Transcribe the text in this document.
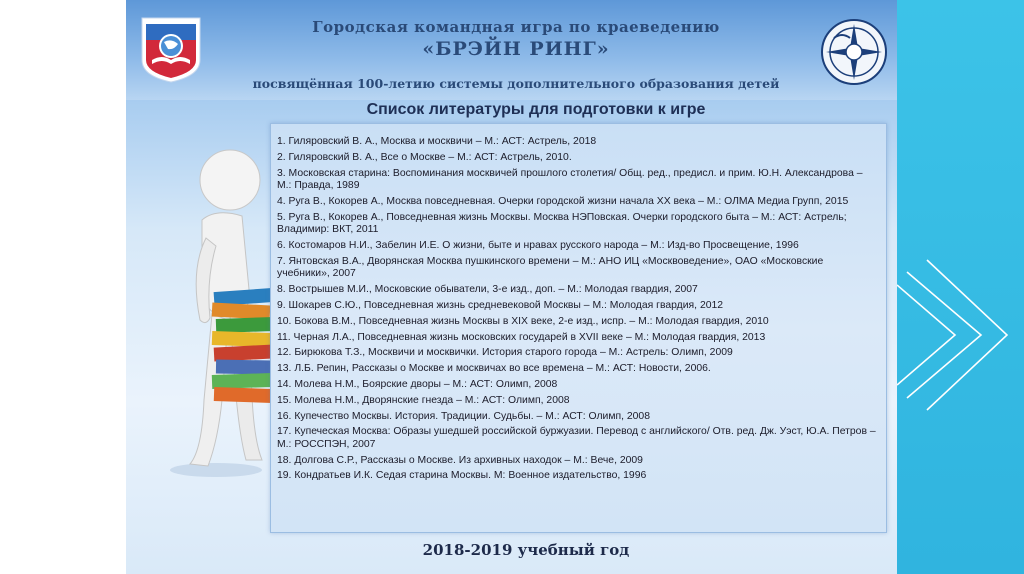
Городская командная игра по краеведению
«БРЭЙН РИНГ»
посвящённая 100-летию системы дополнительного образования детей
Список литературы для подготовки к игре
1. Гиляровский В. А., Москва и москвичи – М.: АСТ: Астрель, 2018
2. Гиляровский В. А., Все о Москве – М.: АСТ: Астрель, 2010.
3. Московская старина: Воспоминания москвичей прошлого столетия/ Общ. ред., предисл. и прим. Ю.Н. Александрова – М.: Правда, 1989
4. Руга В., Кокорев А., Москва повседневная. Очерки городской жизни начала XX века – М.: ОЛМА Медиа Групп, 2015
5. Руга В., Кокорев А., Повседневная жизнь Москвы. Москва НЭПовская. Очерки городского быта – М.: АСТ: Астрель; Владимир: ВКТ, 2011
6. Костомаров Н.И., Забелин И.Е. О жизни, быте и нравах русского народа – М.: Изд-во Просвещение, 1996
7. Янтовская В.А., Дворянская Москва пушкинского времени – М.: АНО ИЦ «Москвоведение», ОАО «Московские учебники», 2007
8. Вострышев М.И., Московские обыватели, 3-е изд., доп. – М.: Молодая гвардия, 2007
9. Шокарев С.Ю., Повседневная жизнь средневековой Москвы – М.: Молодая гвардия, 2012
10. Бокова В.М., Повседневная жизнь Москвы в XIX веке, 2-е изд., испр. – М.: Молодая гвардия, 2010
11. Черная Л.А., Повседневная жизнь московских государей в XVII веке – М.: Молодая гвардия, 2013
12. Бирюкова Т.З., Москвичи и москвички. История старого города – М.: Астрель: Олимп, 2009
13. Л.Б. Репин, Рассказы о Москве и москвичах во все времена – М.: АСТ: Новости, 2006.
14. Молева Н.М., Боярские дворы – М.: АСТ: Олимп, 2008
15. Молева Н.М., Дворянские гнезда – М.: АСТ: Олимп, 2008
16. Купечество Москвы. История. Традиции. Судьбы. – М.: АСТ: Олимп, 2008
17. Купеческая Москва: Образы ушедшей российской буржуазии. Перевод с английского/ Отв. ред. Дж. Уэст, Ю.А. Петров – М.: РОССПЭН, 2007
18. Долгова С.Р., Рассказы о Москве. Из архивных находок – М.: Вече, 2009
19. Кондратьев И.К. Седая старина Москвы. М: Военное издательство, 1996
2018-2019 учебный год
